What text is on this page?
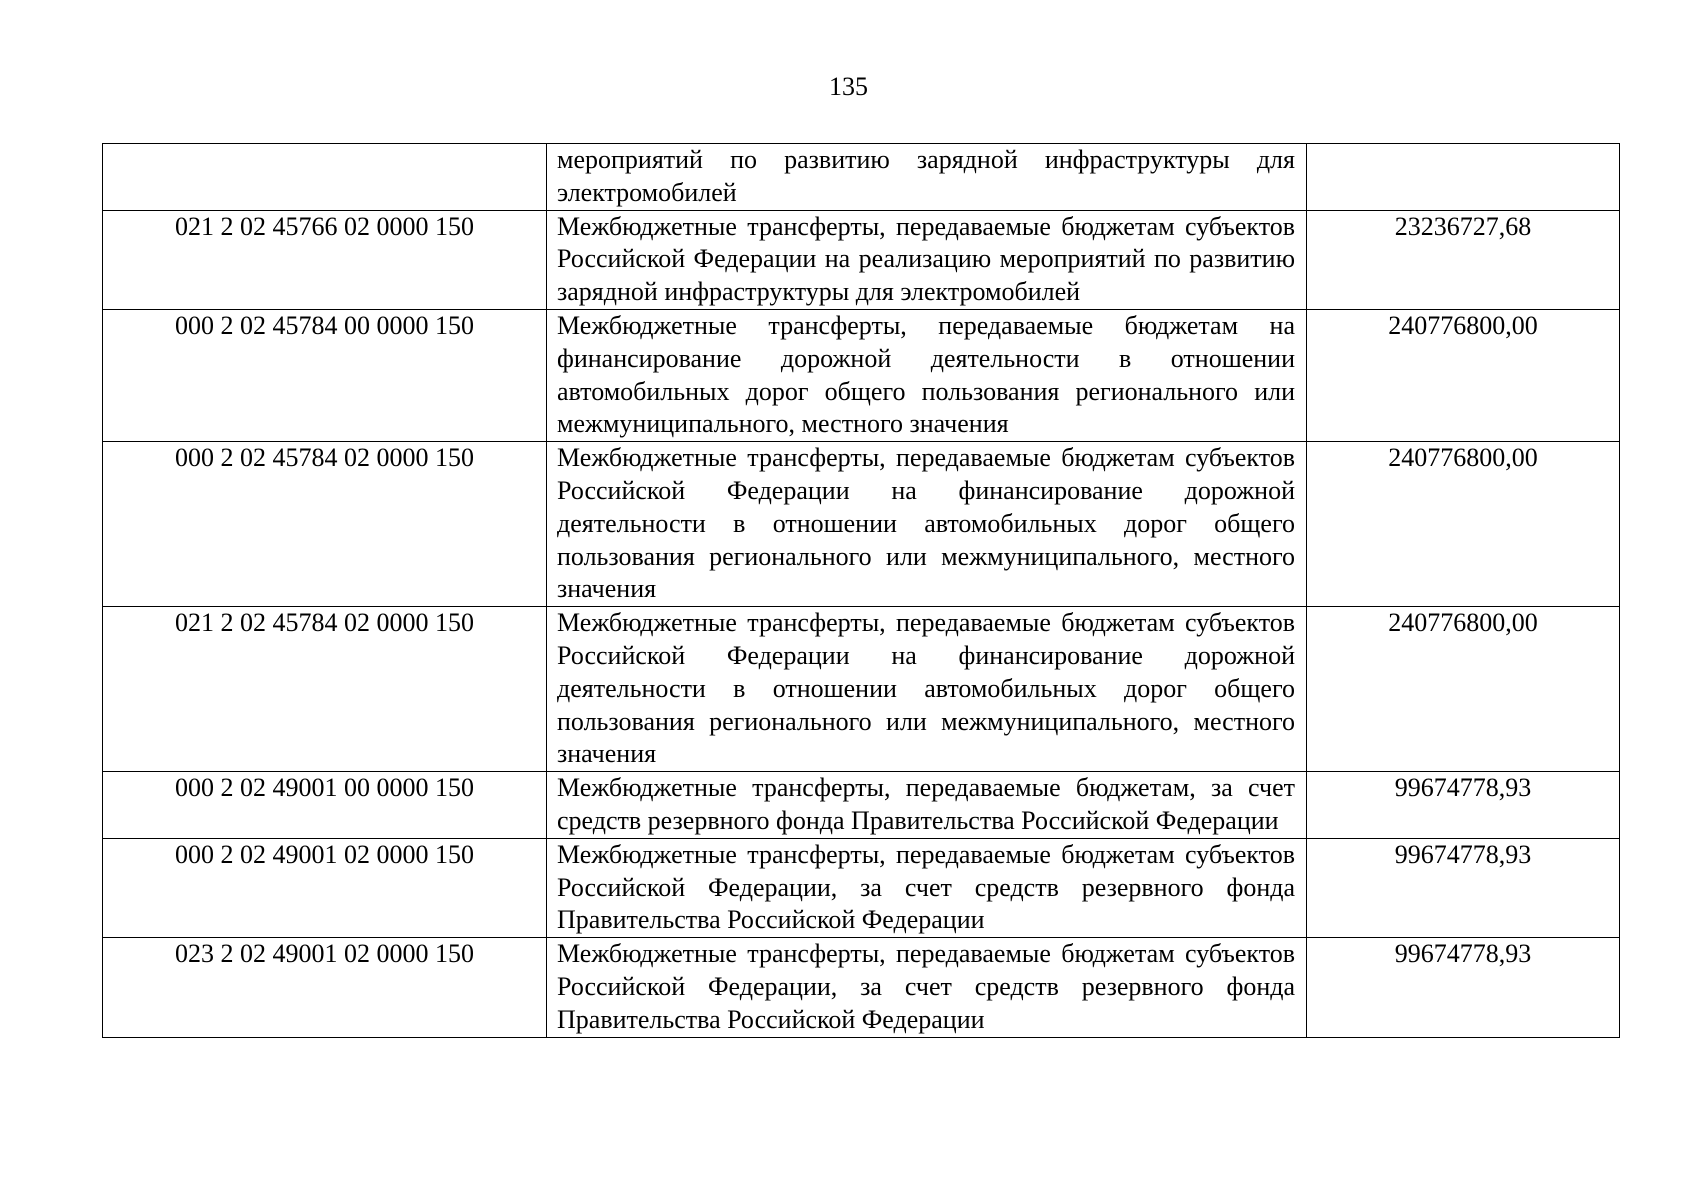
135
	мероприятий по развитию зарядной инфраструктуры для электромобилей	
021 2 02 45766 02 0000 150	Межбюджетные трансферты, передаваемые бюджетам субъектов Российской Федерации на реализацию мероприятий по развитию зарядной инфраструктуры для электромобилей	23236727,68
000 2 02 45784 00 0000 150	Межбюджетные трансферты, передаваемые бюджетам на финансирование дорожной деятельности в отношении автомобильных дорог общего пользования регионального или межмуниципального, местного значения	240776800,00
000 2 02 45784 02 0000 150	Межбюджетные трансферты, передаваемые бюджетам субъектов Российской Федерации на финансирование дорожной деятельности в отношении автомобильных дорог общего пользования регионального или межмуниципального, местного значения	240776800,00
021 2 02 45784 02 0000 150	Межбюджетные трансферты, передаваемые бюджетам субъектов Российской Федерации на финансирование дорожной деятельности в отношении автомобильных дорог общего пользования регионального или межмуниципального, местного значения	240776800,00
000 2 02 49001 00 0000 150	Межбюджетные трансферты, передаваемые бюджетам, за счет средств резервного фонда Правительства Российской Федерации	99674778,93
000 2 02 49001 02 0000 150	Межбюджетные трансферты, передаваемые бюджетам субъектов Российской Федерации, за счет средств резервного фонда Правительства Российской Федерации	99674778,93
023 2 02 49001 02 0000 150	Межбюджетные трансферты, передаваемые бюджетам субъектов Российской Федерации, за счет средств резервного фонда Правительства Российской Федерации	99674778,93
